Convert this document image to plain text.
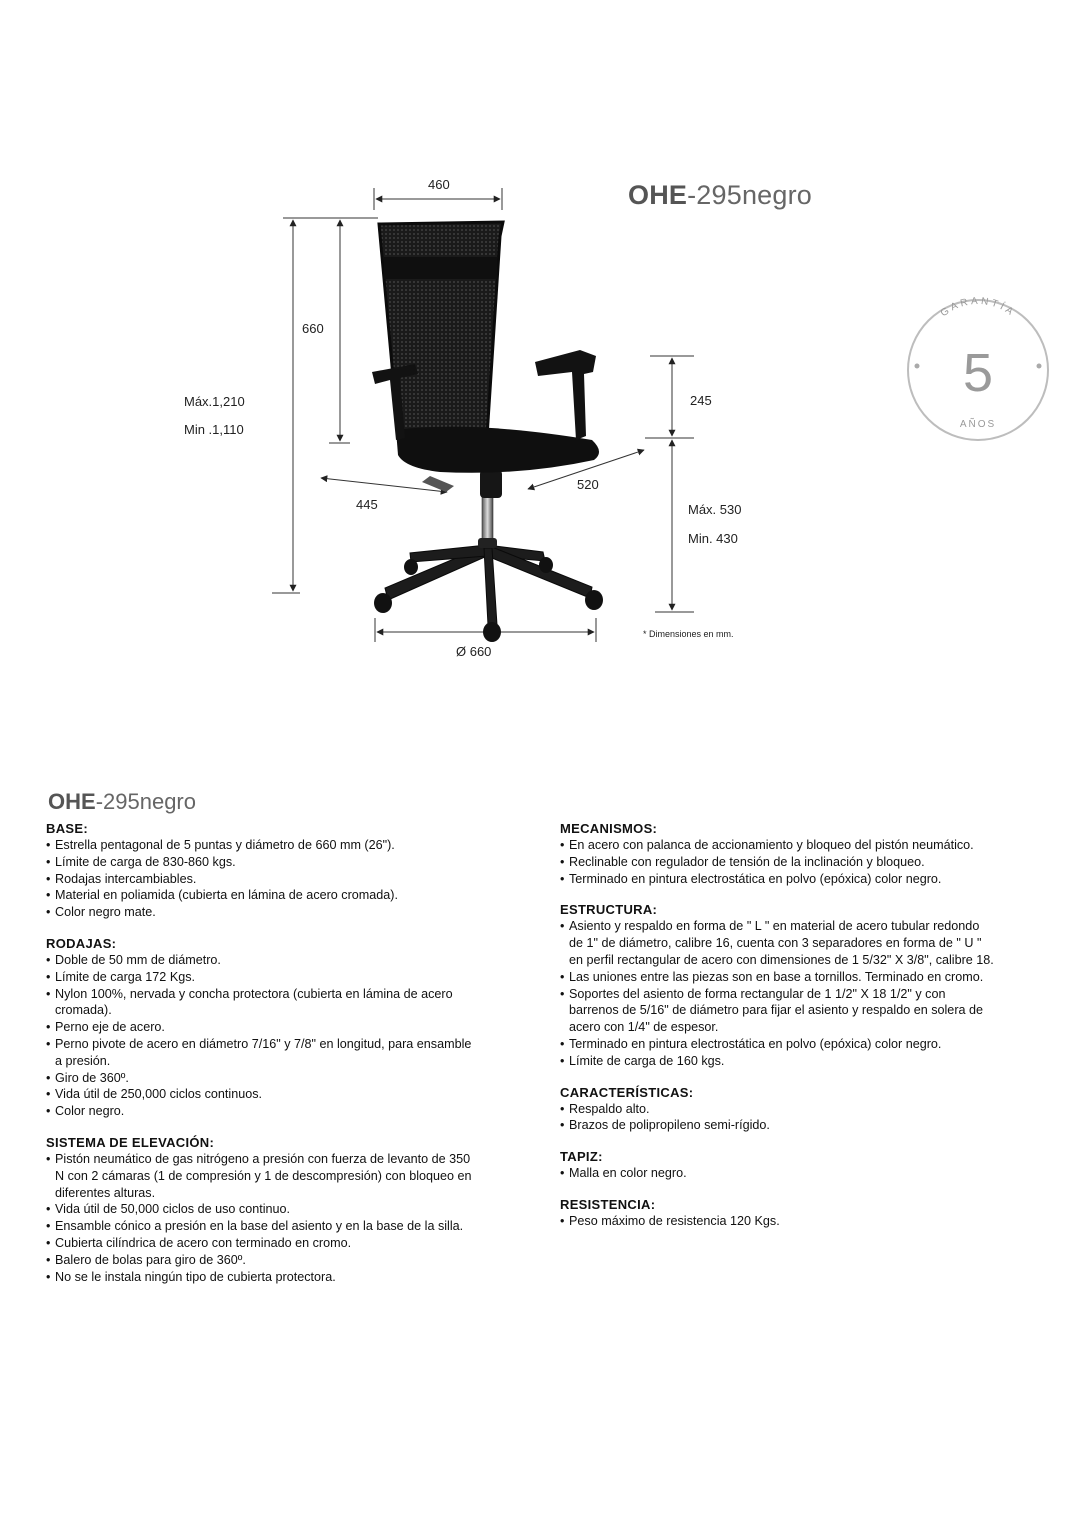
OHE-295negro
GARANTÍA
5
AÑOS
460
660
Máx.1,210
Min .1,110
245
445
520
Máx. 530
Min. 430
Ø 660
* Dimensiones en mm.
OHE-295negro
BASE:
• Estrella pentagonal de 5 puntas y diámetro de 660 mm (26").
• Límite de carga de 830-860 kgs.
• Rodajas intercambiables.
• Material en poliamida (cubierta en lámina de acero cromada).
• Color negro mate.
RODAJAS:
• Doble de 50 mm de diámetro.
• Límite de carga 172 Kgs.
• Nylon 100%, nervada y concha protectora (cubierta en lámina de acero cromada).
• Perno eje de acero.
• Perno pivote de acero en diámetro 7/16" y 7/8" en longitud, para ensamble a presión.
• Giro de 360º.
• Vida útil de 250,000 ciclos continuos.
• Color negro.
SISTEMA DE ELEVACIÓN:
• Pistón neumático de gas nitrógeno a presión con fuerza de levanto de 350 N con 2 cámaras (1 de compresión y 1 de descompresión) con bloqueo en diferentes alturas.
• Vida útil de 50,000 ciclos de uso continuo.
• Ensamble cónico a presión en la base del asiento y en la base de la silla.
• Cubierta cilíndrica de acero con terminado en cromo.
• Balero de bolas para giro de 360º.
• No se le instala ningún tipo de cubierta protectora.
MECANISMOS:
• En acero con palanca de accionamiento y bloqueo del pistón neumático.
• Reclinable con regulador de tensión de la inclinación y bloqueo.
• Terminado en pintura electrostática en polvo (epóxica) color negro.
ESTRUCTURA:
• Asiento y respaldo en forma de " L " en material de acero tubular redondo de 1" de diámetro, calibre 16, cuenta con 3 separadores en forma de " U " en perfil rectangular de acero con dimensiones de 1 5/32" X 3/8", calibre 18.
• Las uniones entre las piezas son en base a tornillos. Terminado en cromo.
• Soportes del asiento de forma rectangular de 1 1/2" X 18 1/2" y con barrenos de 5/16" de diámetro para fijar el asiento y respaldo en solera de acero con 1/4" de espesor.
• Terminado en pintura electrostática en polvo (epóxica) color negro.
• Límite de carga de 160 kgs.
CARACTERÍSTICAS:
• Respaldo alto.
• Brazos de polipropileno semi-rígido.
TAPIZ:
• Malla en color negro.
RESISTENCIA:
• Peso máximo de resistencia 120 Kgs.
